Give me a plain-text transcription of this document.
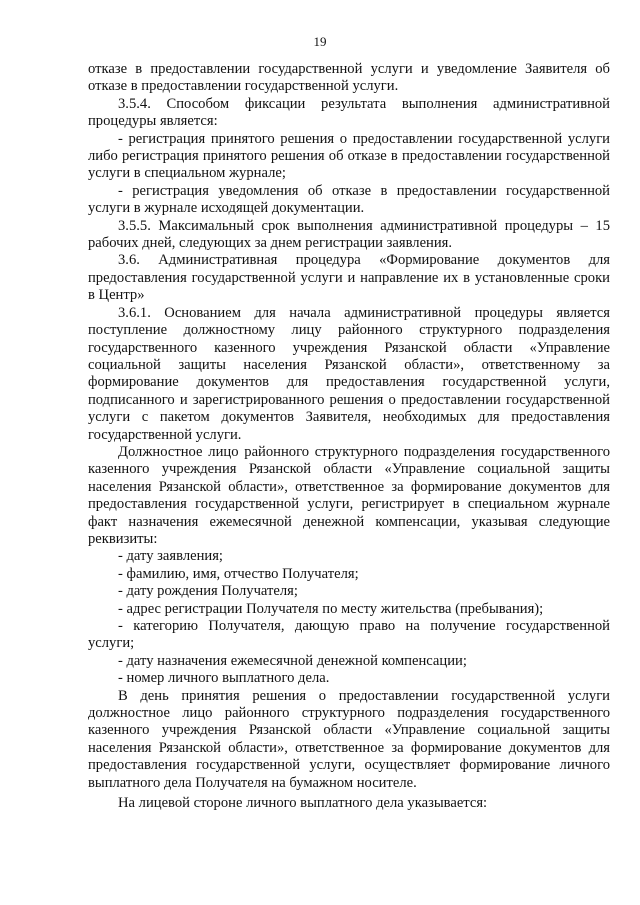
19

отказе в предоставлении государственной услуги и уведомление Заявителя об отказе в предоставлении государственной услуги.

3.5.4. Способом фиксации результата выполнения административной процедуры является:

- регистрация принятого решения о предоставлении государственной услуги либо регистрация принятого решения об отказе в предоставлении государственной услуги в специальном журнале;

- регистрация уведомления об отказе в предоставлении государственной услуги в журнале исходящей документации.

3.5.5. Максимальный срок выполнения административной процедуры – 15 рабочих дней, следующих за днем регистрации заявления.

3.6. Административная процедура «Формирование документов для предоставления государственной услуги и направление их в установленные сроки в Центр»

3.6.1. Основанием для начала административной процедуры является поступление должностному лицу районного структурного подразделения государственного казенного учреждения Рязанской области «Управление социальной защиты населения Рязанской области», ответственному за формирование документов для предоставления государственной услуги, подписанного и зарегистрированного решения о предоставлении государственной услуги с пакетом документов Заявителя, необходимых для предоставления государственной услуги.

Должностное лицо районного структурного подразделения государственного казенного учреждения Рязанской области «Управление социальной защиты населения Рязанской области», ответственное за формирование документов для предоставления государственной услуги, регистрирует в специальном журнале факт назначения ежемесячной денежной компенсации, указывая следующие реквизиты:

- дату заявления;

- фамилию, имя, отчество Получателя;

- дату рождения Получателя;

- адрес регистрации Получателя по месту жительства (пребывания);

- категорию Получателя, дающую право на получение государственной услуги;

- дату назначения ежемесячной денежной компенсации;

- номер личного выплатного дела.

В день принятия решения о предоставлении государственной услуги должностное лицо районного структурного подразделения государственного казенного учреждения Рязанской области «Управление социальной защиты населения Рязанской области», ответственное за формирование документов для предоставления государственной услуги, осуществляет формирование личного выплатного дела Получателя на бумажном носителе.

На лицевой стороне личного выплатного дела указывается:
